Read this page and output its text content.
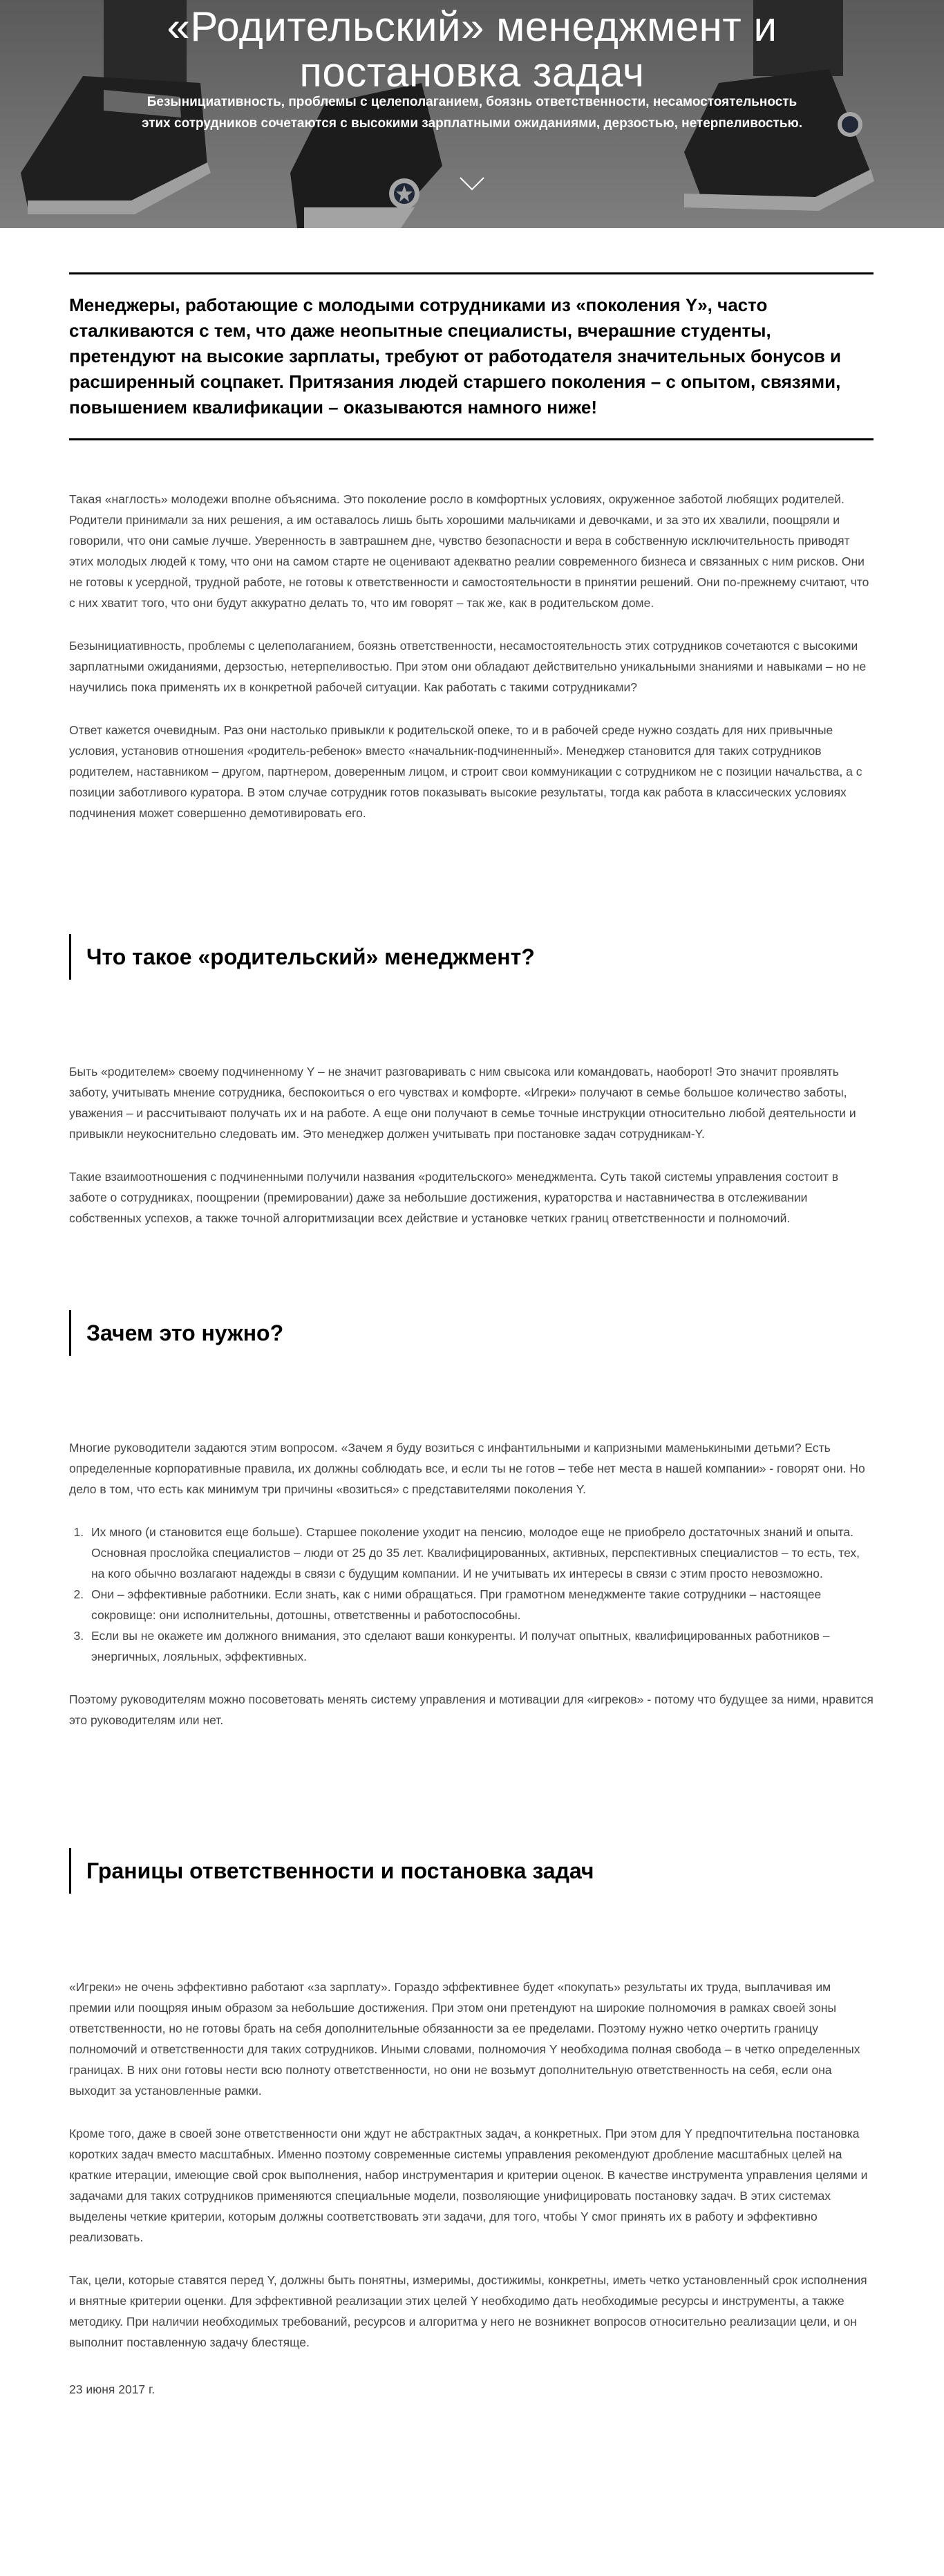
«Родительский» менеджмент и постановка задач

Безынициативность, проблемы с целеполаганием, боязнь ответственности, несамостоятельность этих сотрудников сочетаются с высокими зарплатными ожиданиями, дерзостью, нетерпеливостью.

Менеджеры, работающие с молодыми сотрудниками из «поколения Y», часто сталкиваются с тем, что даже неопытные специалисты, вчерашние студенты, претендуют на высокие зарплаты, требуют от работодателя значительных бонусов и расширенный соцпакет. Притязания людей старшего поколения – с опытом, связями, повышением квалификации – оказываются намного ниже!

Такая «наглость» молодежи вполне объяснима. Это поколение росло в комфортных условиях, окруженное заботой любящих родителей. Родители принимали за них решения, а им оставалось лишь быть хорошими мальчиками и девочками, и за это их хвалили, поощряли и говорили, что они самые лучше. Уверенность в завтрашнем дне, чувство безопасности и вера в собственную исключительность приводят этих молодых людей к тому, что они на самом старте не оценивают адекватно реалии современного бизнеса и связанных с ним рисков. Они не готовы к усердной, трудной работе, не готовы к ответственности и самостоятельности в принятии решений. Они по-прежнему считают, что с них хватит того, что они будут аккуратно делать то, что им говорят – так же, как в родительском доме.

Безынициативность, проблемы с целеполаганием, боязнь ответственности, несамостоятельность этих сотрудников сочетаются с высокими зарплатными ожиданиями, дерзостью, нетерпеливостью. При этом они обладают действительно уникальными знаниями и навыками – но не научились пока применять их в конкретной рабочей ситуации. Как работать с такими сотрудниками?

Ответ кажется очевидным. Раз они настолько привыкли к родительской опеке, то и в рабочей среде нужно создать для них привычные условия, установив отношения «родитель-ребенок» вместо «начальник-подчиненный». Менеджер становится для таких сотрудников родителем, наставником – другом, партнером, доверенным лицом, и строит свои коммуникации с сотрудником не с позиции начальства, а с позиции заботливого куратора. В этом случае сотрудник готов показывать высокие результаты, тогда как работа в классических условиях подчинения может совершенно демотивировать его.

Что такое «родительский» менеджмент?

Быть «родителем» своему подчиненному Y – не значит разговаривать с ним свысока или командовать, наоборот! Это значит проявлять заботу, учитывать мнение сотрудника, беспокоиться о его чувствах и комфорте. «Игреки» получают в семье большое количество заботы, уважения – и рассчитывают получать их и на работе. А еще они получают в семье точные инструкции относительно любой деятельности и привыкли неукоснительно следовать им. Это менеджер должен учитывать при постановке задач сотрудникам-Y.

Такие взаимоотношения с подчиненными получили названия «родительского» менеджмента. Суть такой системы управления состоит в заботе о сотрудниках, поощрении (премировании) даже за небольшие достижения, кураторства и наставничества в отслеживании собственных успехов, а также точной алгоритмизации всех действие и установке четких границ ответственности и полномочий.

Зачем это нужно?

Многие руководители задаются этим вопросом. «Зачем я буду возиться с инфантильными и капризными маменькиными детьми? Есть определенные корпоративные правила, их должны соблюдать все, и если ты не готов – тебе нет места в нашей компании» - говорят они. Но дело в том, что есть как минимум три причины «возиться» с представителями поколения Y.

1. Их много (и становится еще больше). Старшее поколение уходит на пенсию, молодое еще не приобрело достаточных знаний и опыта. Основная прослойка специалистов – люди от 25 до 35 лет. Квалифицированных, активных, перспективных специалистов – то есть, тех, на кого обычно возлагают надежды в связи с будущим компании. И не учитывать их интересы в связи с этим просто невозможно.
2. Они – эффективные работники. Если знать, как с ними обращаться. При грамотном менеджменте такие сотрудники – настоящее сокровище: они исполнительны, дотошны, ответственны и работоспособны.
3. Если вы не окажете им должного внимания, это сделают ваши конкуренты. И получат опытных, квалифицированных работников – энергичных, лояльных, эффективных.

Поэтому руководителям можно посоветовать менять систему управления и мотивации для «игреков» - потому что будущее за ними, нравится это руководителям или нет.

Границы ответственности и постановка задач

«Игреки» не очень эффективно работают «за зарплату». Гораздо эффективнее будет «покупать» результаты их труда, выплачивая им премии или поощряя иным образом за небольшие достижения. При этом они претендуют на широкие полномочия в рамках своей зоны ответственности, но не готовы брать на себя дополнительные обязанности за ее пределами. Поэтому нужно четко очертить границу полномочий и ответственности для таких сотрудников. Иными словами, полномочия Y необходима полная свобода – в четко определенных границах. В них они готовы нести всю полноту ответственности, но они не возьмут дополнительную ответственность на себя, если она выходит за установленные рамки.

Кроме того, даже в своей зоне ответственности они ждут не абстрактных задач, а конкретных. При этом для Y предпочтительна постановка коротких задач вместо масштабных. Именно поэтому современные системы управления рекомендуют дробление масштабных целей на краткие итерации, имеющие свой срок выполнения, набор инструментария и критерии оценок. В качестве инструмента управления целями и задачами для таких сотрудников применяются специальные модели, позволяющие унифицировать постановку задач. В этих системах выделены четкие критерии, которым должны соответствовать эти задачи, для того, чтобы Y смог принять их в работу и эффективно реализовать.

Так, цели, которые ставятся перед Y, должны быть понятны, измеримы, достижимы, конкретны, иметь четко установленный срок исполнения и внятные критерии оценки. Для эффективной реализации этих целей Y необходимо дать необходимые ресурсы и инструменты, а также методику. При наличии необходимых требований, ресурсов и алгоритма у него не возникнет вопросов относительно реализации цели, и он выполнит поставленную задачу блестяще.

23 июня 2017 г.
